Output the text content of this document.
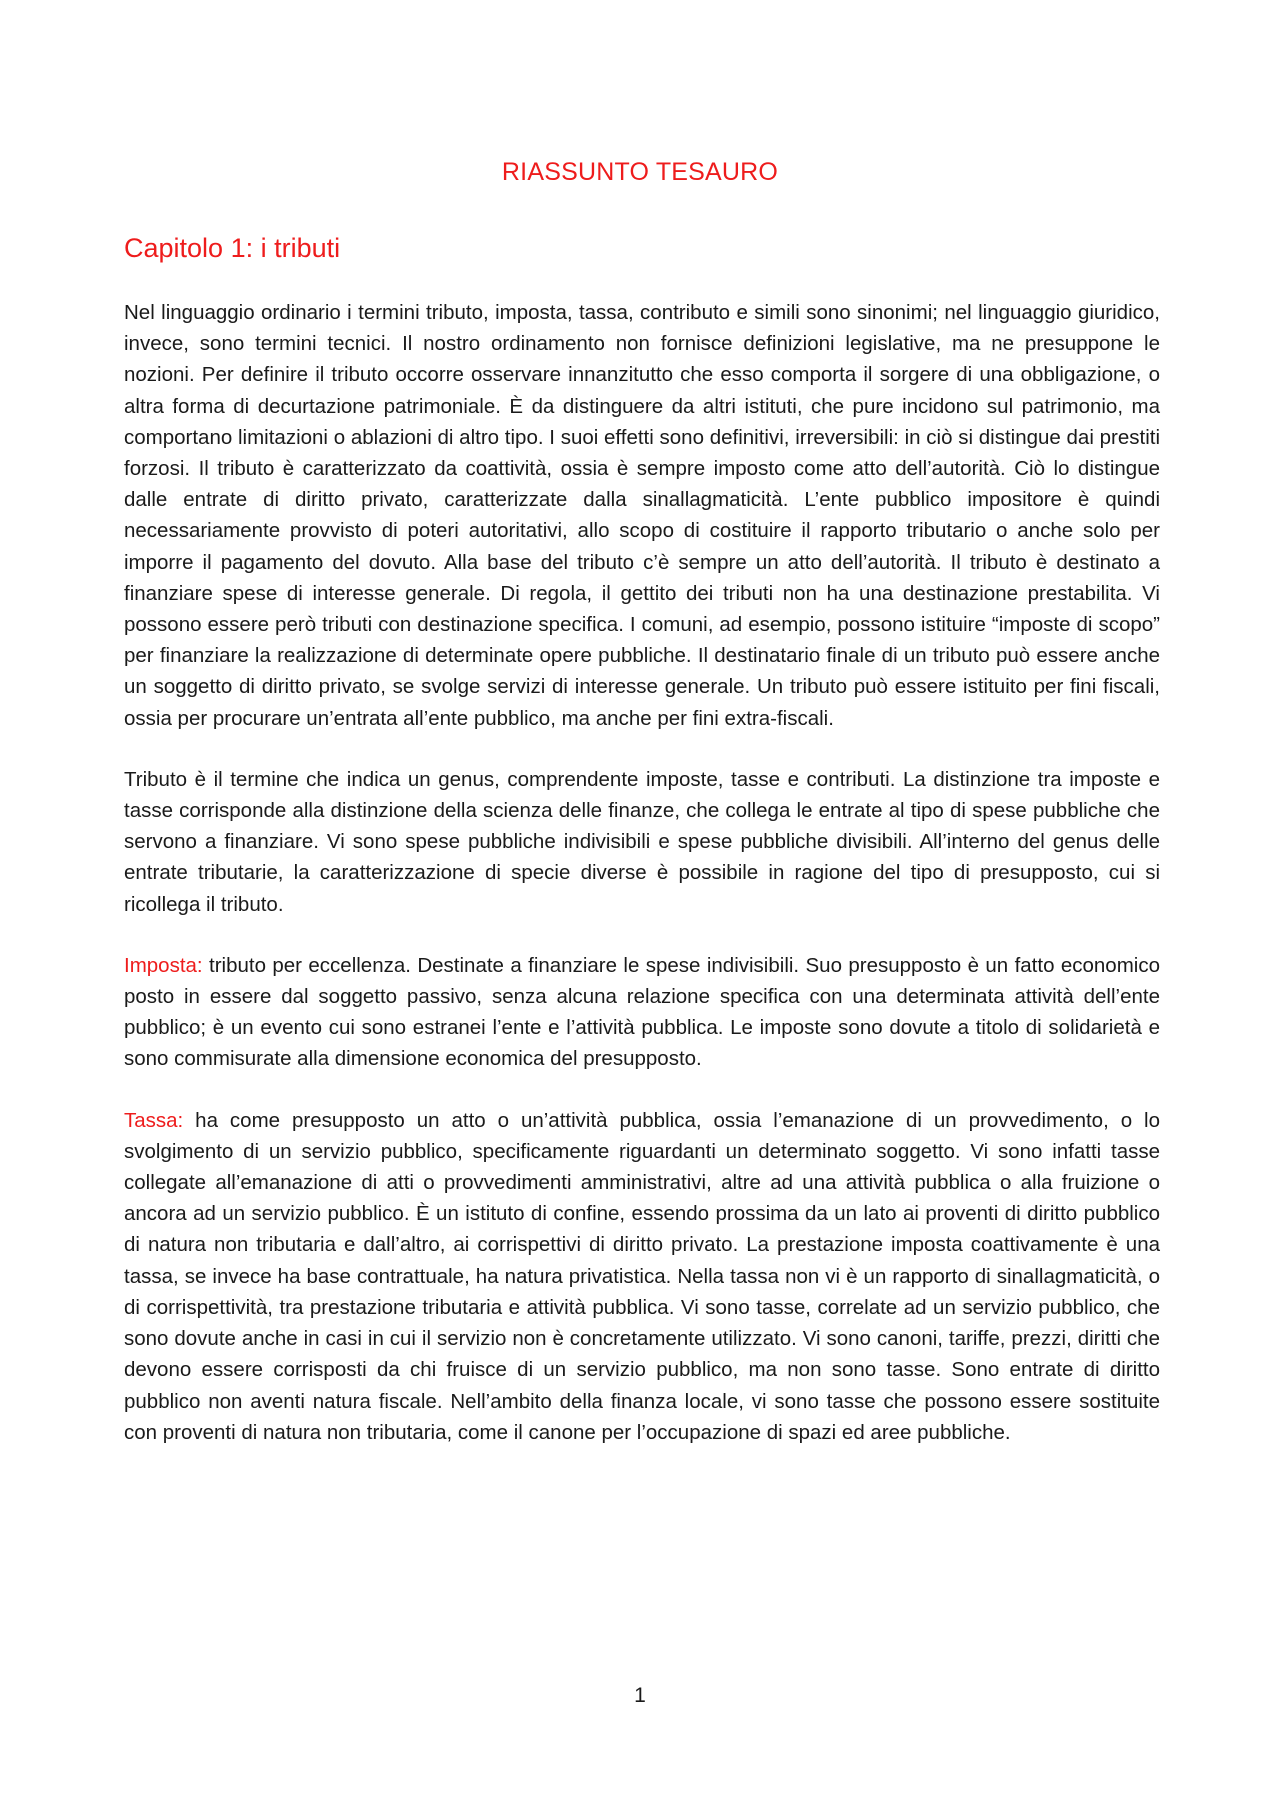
RIASSUNTO TESAURO
Capitolo 1: i tributi

Nel linguaggio ordinario i termini tributo, imposta, tassa, contributo e simili sono sinonimi; nel linguaggio giuridico, invece, sono termini tecnici. Il nostro ordinamento non fornisce definizioni legislative, ma ne presuppone le nozioni. Per definire il tributo occorre osservare innanzitutto che esso comporta il sorgere di una obbligazione, o altra forma di decurtazione patrimoniale. È da distinguere da altri istituti, che pure incidono sul patrimonio, ma comportano limitazioni o ablazioni di altro tipo. I suoi effetti sono definitivi, irreversibili: in ciò si distingue dai prestiti forzosi. Il tributo è caratterizzato da coattività, ossia è sempre imposto come atto dell’autorità. Ciò lo distingue dalle entrate di diritto privato, caratterizzate dalla sinallagmaticità. L’ente pubblico impositore è quindi necessariamente provvisto di poteri autoritativi, allo scopo di costituire il rapporto tributario o anche solo per imporre il pagamento del dovuto. Alla base del tributo c’è sempre un atto dell’autorità. Il tributo è destinato a finanziare spese di interesse generale. Di regola, il gettito dei tributi non ha una destinazione prestabilita. Vi possono essere però tributi con destinazione specifica. I comuni, ad esempio, possono istituire “imposte di scopo” per finanziare la realizzazione di determinate opere pubbliche. Il destinatario finale di un tributo può essere anche un soggetto di diritto privato, se svolge servizi di interesse generale. Un tributo può essere istituito per fini fiscali, ossia per procurare un’entrata all’ente pubblico, ma anche per fini extra-fiscali.

Tributo è il termine che indica un genus, comprendente imposte, tasse e contributi. La distinzione tra imposte e tasse corrisponde alla distinzione della scienza delle finanze, che collega le entrate al tipo di spese pubbliche che servono a finanziare. Vi sono spese pubbliche indivisibili e spese pubbliche divisibili. All’interno del genus delle entrate tributarie, la caratterizzazione di specie diverse è possibile in ragione del tipo di presupposto, cui si ricollega il tributo.

Imposta: tributo per eccellenza. Destinate a finanziare le spese indivisibili. Suo presupposto è un fatto economico posto in essere dal soggetto passivo, senza alcuna relazione specifica con una determinata attività dell’ente pubblico; è un evento cui sono estranei l’ente e l’attività pubblica. Le imposte sono dovute a titolo di solidarietà e sono commisurate alla dimensione economica del presupposto.

Tassa: ha come presupposto un atto o un’attività pubblica, ossia l’emanazione di un provvedimento, o lo svolgimento di un servizio pubblico, specificamente riguardanti un determinato soggetto. Vi sono infatti tasse collegate all’emanazione di atti o provvedimenti amministrativi, altre ad una attività pubblica o alla fruizione o ancora ad un servizio pubblico. È un istituto di confine, essendo prossima da un lato ai proventi di diritto pubblico di natura non tributaria e dall’altro, ai corrispettivi di diritto privato. La prestazione imposta coattivamente è una tassa, se invece ha base contrattuale, ha natura privatistica. Nella tassa non vi è un rapporto di sinallagmaticità, o di corrispettività, tra prestazione tributaria e attività pubblica. Vi sono tasse, correlate ad un servizio pubblico, che sono dovute anche in casi in cui il servizio non è concretamente utilizzato. Vi sono canoni, tariffe, prezzi, diritti che devono essere corrisposti da chi fruisce di un servizio pubblico, ma non sono tasse. Sono entrate di diritto pubblico non aventi natura fiscale. Nell’ambito della finanza locale, vi sono tasse che possono essere sostituite con proventi di natura non tributaria, come il canone per l’occupazione di spazi ed aree pubbliche.

1
